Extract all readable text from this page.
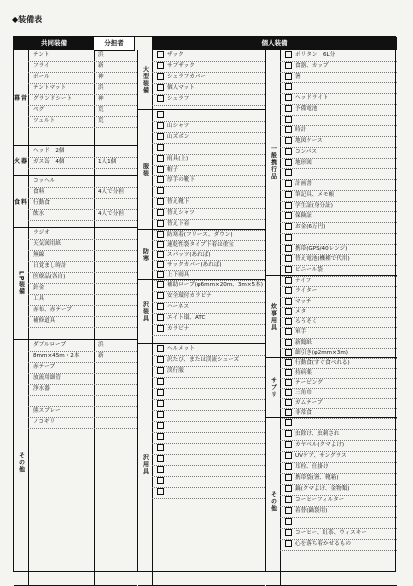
◆装備表
共同装備	分担者	個人装備
幕営
テント	浜
フライ	新
ポール	神
テントマット	浜
グランドシート	神
ペグ	荒
ツェルト	荒
火器
ヘッド　2個
ガス缶　4個	1人1個
食料
コッヘル
食料	4人で分担
行動食
飲水	4人で分担
LP装備
ラジオ
天気図用紙
無線
日覚まし時計
医療品(各自)
針金
工具
赤布、赤テープ
補修道具
その他
ダブルロープ	浜
8mm×45m・2本	新
赤テープ
放流用細管
浄水器
熊スプレー
ノコギリ
大型装備
ザック
サブザック
シュラフカバー
個人マット
シュラフ
服装
山シャツ
山ズボン
雨具(上)
帽子
厚手の靴下
替え靴下
替えシャツ
替え下着
防寒
防寒着(フリース、ダウン)
速乾性袋タイプ下着は重宝
スパッツ(あれば)
サックカバー(あれば)
上下雨具
沢装具
補助ロープ(φ6mm×20m、3m×5本)
安全環付カラビナ
ハーネス
エイト環、ATC
カラビナ
沢用具
ヘルメット
沢たび、または渓流シューズ
渓行服
一般携行品
ポリタン　6L分
食器、カップ
箸
ヘッドライト
予備電池
時計
地図ケース
コンパス
地形図
計画書
筆記具、メモ帳
学生証(身分証)
保険証
お金(6万円)
携帯(GPS/40レンジ)
替え電池(機種で代用)
ビニール袋
炊事用具
ナイフ
ライター
マッチ
メタ
ろうそく
軍手
新聞紙
細引き(φ2mm×3m)
サブリ
行動食(すぐ食べれる)
持病薬
テーピング
三角巾
ガムテープ
非常食
その他
虫除け、虫刺され
カヤベル(クマよけ)
UVケア、サングラス
耳栓、仕掛け
携帯袋(箸、靴箱)
鍋(クマよけ、金物類)
コーヒーフィルター
着替(鍋袋用)
コーヒー、紅茶、ウィスキー
心を落ち着かせるもの
